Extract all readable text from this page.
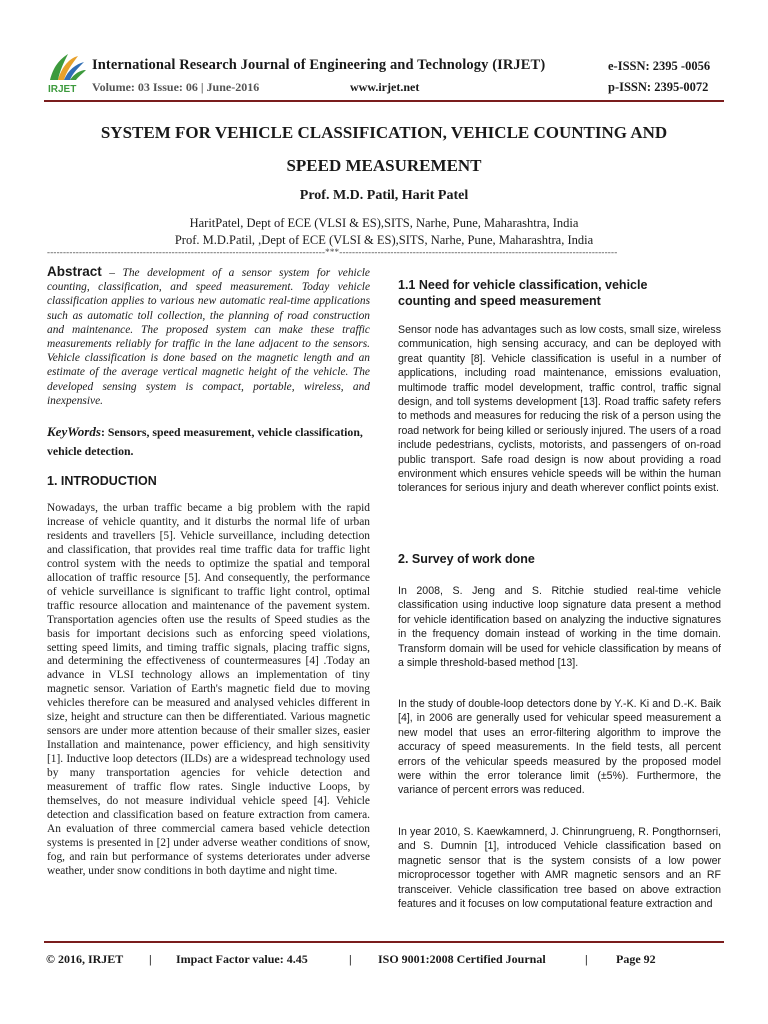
IRJET
International Research Journal of Engineering and Technology (IRJET)
Volume: 03 Issue: 06 | June-2016	www.irjet.net
e-ISSN: 2395 -0056
p-ISSN: 2395-0072
SYSTEM FOR VEHICLE CLASSIFICATION, VEHICLE COUNTING AND
SPEED MEASUREMENT
Prof. M.D. Patil, Harit Patel
HaritPatel, Dept of ECE (VLSI & ES),SITS, Narhe, Pune, Maharashtra, India
Prof. M.D.Patil, ,Dept of ECE (VLSI & ES),SITS, Narhe, Pune, Maharashtra, India
---------------------------------------------------------------------------------------***---------------------------------------------------------------------------------------
Abstract – The development of a sensor system for vehicle counting, classification, and speed measurement. Today vehicle classification applies to various new automatic real-time applications such as automatic toll collection, the planning of road construction and maintenance. The proposed system can make these traffic measurements reliably for traffic in the lane adjacent to the sensors. Vehicle classification is done based on the magnetic length and an estimate of the average vertical magnetic height of the vehicle. The developed sensing system is compact, portable, wireless, and inexpensive.
KeyWords: Sensors, speed measurement, vehicle classification, vehicle detection.
1. INTRODUCTION
Nowadays, the urban traffic became a big problem with the rapid increase of vehicle quantity, and it disturbs the normal life of urban residents and travellers [5]. Vehicle surveillance, including detection and classification, that provides real time traffic data for traffic light control system with the needs to optimize the spatial and temporal allocation of traffic resource [5]. And consequently, the performance of vehicle surveillance is significant to traffic light control, optimal traffic resource allocation and maintenance of the pavement system. Transportation agencies often use the results of Speed studies as the basis for important decisions such as enforcing speed violations, setting speed limits, and timing traffic signals, placing traffic signs, and determining the effectiveness of countermeasures [4] .Today an advance in VLSI technology allows an implementation of tiny magnetic sensor. Variation of Earth's magnetic field due to moving vehicles therefore can be measured and analysed vehicles different in size, height and structure can then be differentiated. Various magnetic sensors are under more attention because of their smaller sizes, easier Installation and maintenance, power efficiency, and high sensitivity [1]. Inductive loop detectors (ILDs) are a widespread technology used by many transportation agencies for vehicle detection and measurement of traffic flow rates. Single inductive Loops, by themselves, do not measure individual vehicle speed [4]. Vehicle detection and classification based on feature extraction from camera. An evaluation of three commercial camera based vehicle detection systems is presented in [2] under adverse weather conditions of snow, fog, and rain but performance of systems deteriorates under adverse weather, under snow conditions in both daytime and night time.
1.1 Need for vehicle classification, vehicle
counting and speed measurement
Sensor node has advantages such as low costs, small size, wireless communication, high sensing accuracy, and can be deployed with great quantity [8]. Vehicle classification is useful in a number of applications, including road maintenance, emissions evaluation, multimode traffic model development, traffic control, traffic signal design, and toll systems development [13]. Road traffic safety refers to methods and measures for reducing the risk of a person using the road network for being killed or seriously injured. The users of a road include pedestrians, cyclists, motorists, and passengers of on-road public transport. Safe road design is now about providing a road environment which ensures vehicle speeds will be within the human tolerances for serious injury and death wherever conflict points exist.
2. Survey of work done
In 2008, S. Jeng and S. Ritchie studied real-time vehicle classification using inductive loop signature data present a method for vehicle identification based on analyzing the inductive signatures in the frequency domain instead of working in the time domain. Transform domain will be used for vehicle classification by means of a simple threshold-based method [13].
In the study of double-loop detectors done by Y.-K. Ki and D.-K. Baik [4], in 2006 are generally used for vehicular speed measurement a new model that uses an error-filtering algorithm to improve the accuracy of speed measurements. In the field tests, all percent errors of the vehicular speeds measured by the proposed model were within the error tolerance limit (±5%). Furthermore, the variance of percent errors was reduced.
In year 2010, S. Kaewkamnerd, J. Chinrungrueng, R. Pongthornseri, and S. Dumnin [1], introduced Vehicle classification based on magnetic sensor that is the system consists of a low power microprocessor together with AMR magnetic sensors and an RF transceiver. Vehicle classification tree based on above extraction features and it focuses on low computational feature extraction and
© 2016, IRJET | Impact Factor value: 4.45	| ISO 9001:2008 Certified Journal	| Page 92
